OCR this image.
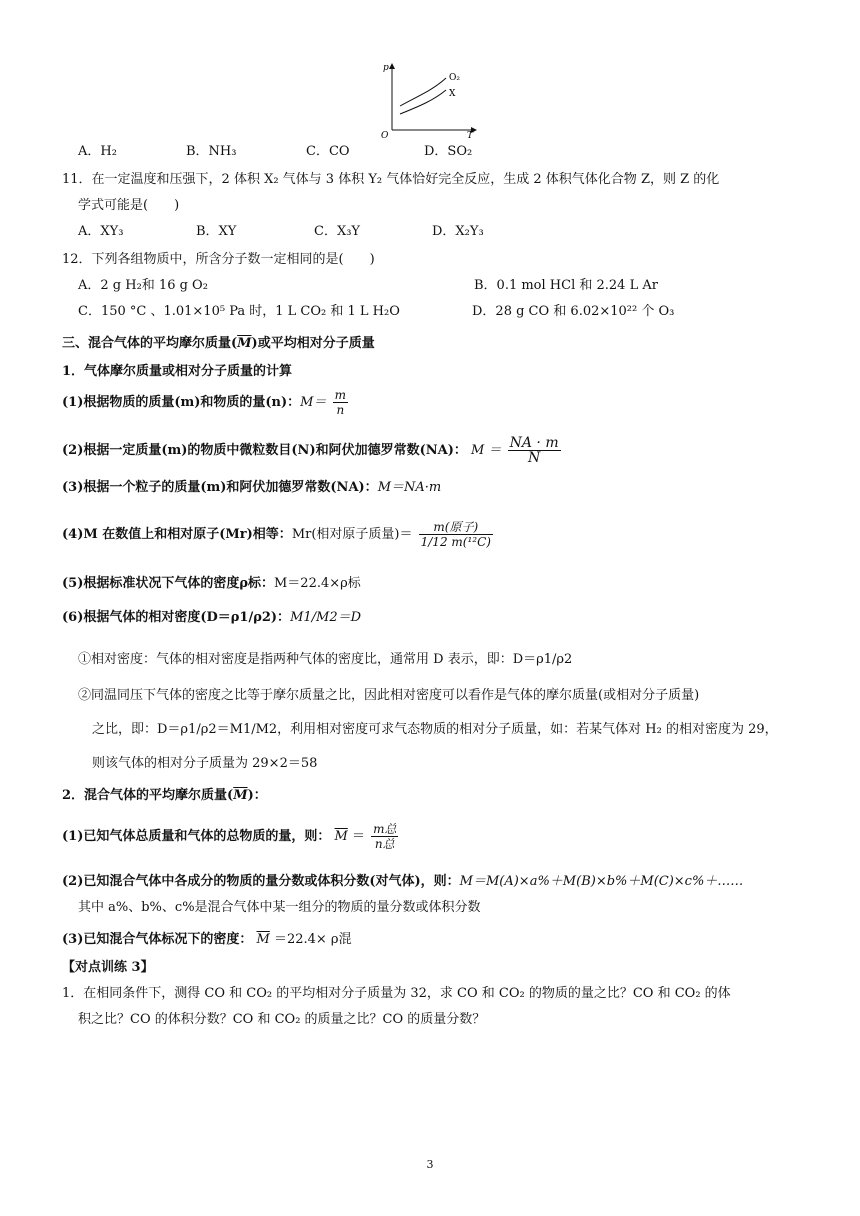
p
T
O
O₂
X
A．H₂	B．NH₃	C．CO	D．SO₂
11．在一定温度和压强下，2 体积 X₂ 气体与 3 体积 Y₂ 气体恰好完全反应，生成 2 体积气体化合物 Z，则 Z 的化
学式可能是(　　)
A．XY₃	B．XY	C．X₃Y	D．X₂Y₃
12．下列各组物质中，所含分子数一定相同的是(　　)
A．2 g H₂和 16 g O₂	B．0.1 mol HCl 和 2.24 L Ar
C．150 °C 、1.01×10⁵ Pa 时，1 L CO₂ 和 1 L H₂O	D．28 g CO 和 6.02×10²² 个 O₃
三、混合气体的平均摩尔质量$(\overline{M})$或平均相对分子质量
1．气体摩尔质量或相对分子质量的计算
(1)根据物质的质量(m)和物质的量(n)：$M= \frac{m}{n}$
(2)根据一定质量(m)的物质中微粒数目(N)和阿伏加德罗常数(NA)： $M = \frac{NA \cdot m}{N}$
(3)根据一个粒子的质量(m)和阿伏加德罗常数(NA)：M＝NA·m
(4)M 在数值上和相对原子(Mr)相等：Mr(相对原子质量)＝ $\frac{\text{m(原子)}}{\text{1/12 m(¹²C)}}$
(5)根据标准状况下气体的密度ρ标：M＝22.4×ρ标
(6)根据气体的相对密度(D＝ρ1/ρ2)：M1/M2＝D
①相对密度：气体的相对密度是指两种气体的密度比，通常用 D 表示，即：D＝ρ1/ρ2
②同温同压下气体的密度之比等于摩尔质量之比，因此相对密度可以看作是气体的摩尔质量(或相对分子质量)
之比，即：D＝ρ1/ρ2＝M1/M2，利用相对密度可求气态物质的相对分子质量，如：若某气体对 H₂ 的相对密度为 29，
则该气体的相对分子质量为 29×2＝58
2．混合气体的平均摩尔质量$(\overline{M})$：
(1)已知气体总质量和气体的总物质的量，则： $\overline{M} = \frac{\text{m总}}{\text{n总}}$
(2)已知混合气体中各成分的物质的量分数或体积分数(对气体)，则：M＝M(A)×a%＋M(B)×b%＋M(C)×c%＋……
其中 a%、b%、c%是混合气体中某一组分的物质的量分数或体积分数
(3)已知混合气体标况下的密度： $\overline{M} =22.4\times \rho$混
【对点训练 3】
1．在相同条件下，测得 CO 和 CO₂ 的平均相对分子质量为 32，求 CO 和 CO₂ 的物质的量之比？CO 和 CO₂ 的体
积之比？CO 的体积分数？CO 和 CO₂ 的质量之比？CO 的质量分数？
3
